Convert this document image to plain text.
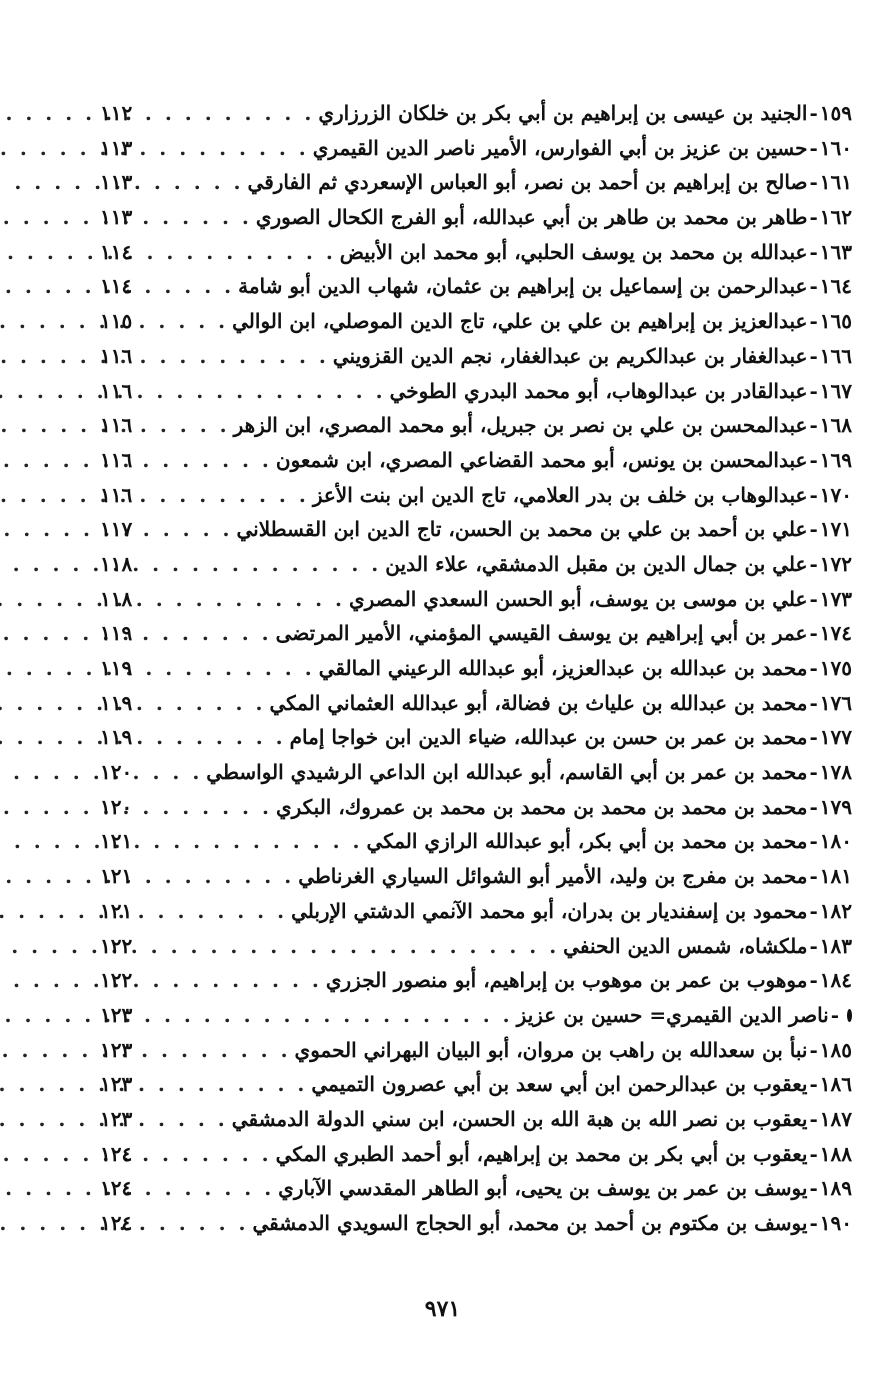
١٥٩
-
الجنيد بن عيسى بن إبراهيم بن أبي بكر بن خلكان الزرزاري
. . .
١١٢
١٦٠
-
حسين بن عزيز بن أبي الفوارس، الأمير ناصر الدين القيمري
. . .
١١٣
١٦١
-
صالح بن إبراهيم بن أحمد بن نصر، أبو العباس الإسعردي ثم الفارقي
. . .
١١٣
١٦٢
-
طاهر بن محمد بن طاهر بن أبي عبدالله، أبو الفرج الكحال الصوري
. . .
١١٣
١٦٣
-
عبدالله بن محمد بن يوسف الحلبي، أبو محمد ابن الأبيض
. . .
١١٤
١٦٤
-
عبدالرحمن بن إسماعيل بن إبراهيم بن عثمان، شهاب الدين أبو شامة
. . .
١١٤
١٦٥
-
عبدالعزيز بن إبراهيم بن علي بن علي، تاج الدين الموصلي، ابن الوالي
. . .
١١٥
١٦٦
-
عبدالغفار بن عبدالكريم بن عبدالغفار، نجم الدين القزويني
. . .
١١٦
١٦٧
-
عبدالقادر بن عبدالوهاب، أبو محمد البدري الطوخي
. . .
١١٦
١٦٨
-
عبدالمحسن بن علي بن نصر بن جبريل، أبو محمد المصري، ابن الزهر
. . .
١١٦
١٦٩
-
عبدالمحسن بن يونس، أبو محمد القضاعي المصري، ابن شمعون
. . .
١١٦
١٧٠
-
عبدالوهاب بن خلف بن بدر العلامي، تاج الدين ابن بنت الأعز
. . .
١١٦
١٧١
-
علي بن أحمد بن علي بن محمد بن الحسن، تاج الدين ابن القسطلاني
. . .
١١٧
١٧٢
-
علي بن جمال الدين بن مقبل الدمشقي، علاء الدين
. . .
١١٨
١٧٣
-
علي بن موسى بن يوسف، أبو الحسن السعدي المصري
. . .
١١٨
١٧٤
-
عمر بن أبي إبراهيم بن يوسف القيسي المؤمني، الأمير المرتضى
. . .
١١٩
١٧٥
-
محمد بن عبدالله بن عبدالعزيز، أبو عبدالله الرعيني المالقي
. . .
١١٩
١٧٦
-
محمد بن عبدالله بن علياث بن فضالة، أبو عبدالله العثماني المكي
. . .
١١٩
١٧٧
-
محمد بن عمر بن حسن بن عبدالله، ضياء الدين ابن خواجا إمام
. . .
١١٩
١٧٨
-
محمد بن عمر بن أبي القاسم، أبو عبدالله ابن الداعي الرشيدي الواسطي
. . .
١٢٠
١٧٩
-
محمد بن محمد بن محمد بن محمد بن محمد بن عمروك، البكري
. . .
١٢٠
١٨٠
-
محمد بن محمد بن أبي بكر، أبو عبدالله الرازي المكي
. . .
١٢١
١٨١
-
محمد بن مفرج بن وليد، الأمير أبو الشوائل السياري الغرناطي
. . .
١٢١
١٨٢
-
محمود بن إسفنديار بن بدران، أبو محمد الآنمي الدشتي الإربلي
. . .
١٢١
١٨٣
-
ملكشاه، شمس الدين الحنفي
. . .
١٢٢
١٨٤
-
موهوب بن عمر بن موهوب بن إبراهيم، أبو منصور الجزري
. . .
١٢٢
-
ناصر الدين القيمري= حسين بن عزيز
. . .
١٢٣
١٨٥
-
نبأ بن سعدالله بن راهب بن مروان، أبو البيان البهراني الحموي
. . .
١٢٣
١٨٦
-
يعقوب بن عبدالرحمن ابن أبي سعد بن أبي عصرون التميمي
. . .
١٢٣
١٨٧
-
يعقوب بن نصر الله بن هبة الله بن الحسن، ابن سني الدولة الدمشقي
. . .
١٢٣
١٨٨
-
يعقوب بن أبي بكر بن محمد بن إبراهيم، أبو أحمد الطبري المكي
. . .
١٢٤
١٨٩
-
يوسف بن عمر بن يوسف بن يحيى، أبو الطاهر المقدسي الآباري
. . .
١٢٤
١٩٠
-
يوسف بن مكتوم بن أحمد بن محمد، أبو الحجاج السويدي الدمشقي
. . .
١٢٤
٩٧١
